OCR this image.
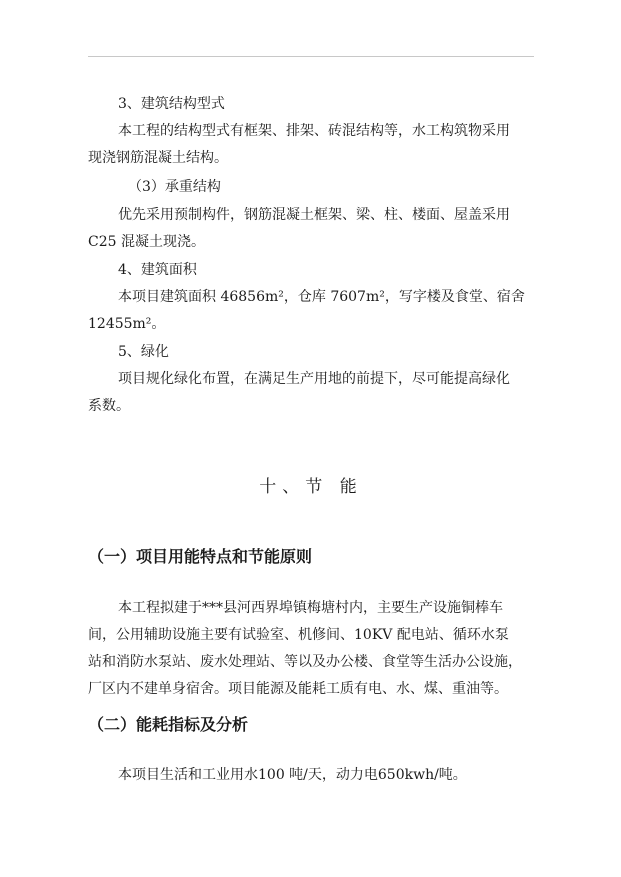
3、建筑结构型式

本工程的结构型式有框架、排架、砖混结构等，水工构筑物采用

现浇钢筋混凝土结构。

（3）承重结构

优先采用预制构件，钢筋混凝土框架、梁、柱、楼面、屋盖采用

C25 混凝土现浇。

4、建筑面积

本项目建筑面积 46856m²，仓库 7607m²，写字楼及食堂、宿舍

12455m²。

5、绿化

项目规化绿化布置，在满足生产用地的前提下，尽可能提高绿化

系数。

十、节 能
（一）项目用能特点和节能原则

本工程拟建于***县河西界埠镇梅塘村内，主要生产设施铜棒车

间，公用辅助设施主要有试验室、机修间、10KV 配电站、循环水泵

站和消防水泵站、废水处理站、等以及办公楼、食堂等生活办公设施，

厂区内不建单身宿舍。项目能源及能耗工质有电、水、煤、重油等。

（二）能耗指标及分析

本项目生活和工业用水100 吨/天，动力电650kwh/吨。
